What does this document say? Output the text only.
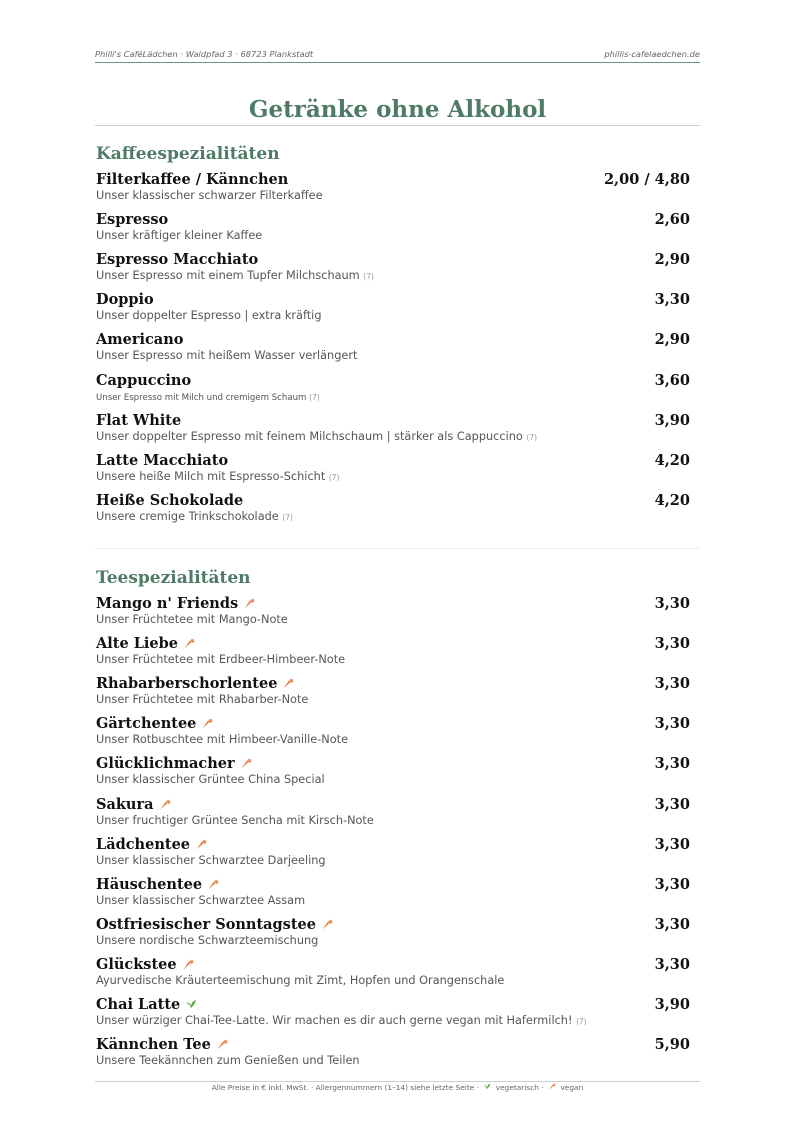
Philli's CaféLädchen · Waldpfad 3 · 68723 Plankstadt	phillis-cafelaedchen.de
Getränke ohne Alkohol
Kaffeespezialitäten
Teespezialitäten
Filterkaffee / Kännchen	2,00 / 4,80
Unser klassischer schwarzer Filterkaffee
Espresso	2,60
Unser kräftiger kleiner Kaffee
Espresso Macchiato	2,90
Unser Espresso mit einem Tupfer Milchschaum (7)
Doppio	3,30
Unser doppelter Espresso | extra kräftig
Americano	2,90
Unser Espresso mit heißem Wasser verlängert
Cappuccino	3,60
Unser Espresso mit Milch und cremigem Schaum (7)
Flat White	3,90
Unser doppelter Espresso mit feinem Milchschaum | stärker als Cappuccino (7)
Latte Macchiato	4,20
Unsere heiße Milch mit Espresso-Schicht (7)
Heiße Schokolade	4,20
Unsere cremige Trinkschokolade (7)
Mango n' Friends	3,30
Unser Früchtetee mit Mango-Note
Alte Liebe	3,30
Unser Früchtetee mit Erdbeer-Himbeer-Note
Rhabarberschorlentee	3,30
Unser Früchtetee mit Rhabarber-Note
Gärtchentee	3,30
Unser Rotbuschtee mit Himbeer-Vanille-Note
Glücklichmacher	3,30
Unser klassischer Grüntee China Special
Sakura	3,30
Unser fruchtiger Grüntee Sencha mit Kirsch-Note
Lädchentee	3,30
Unser klassischer Schwarztee Darjeeling
Häuschentee	3,30
Unser klassischer Schwarztee Assam
Ostfriesischer Sonntagstee	3,30
Unsere nordische Schwarzteemischung
Glückstee	3,30
Ayurvedische Kräuterteemischung mit Zimt, Hopfen und Orangenschale
Chai Latte	3,90
Unser würziger Chai-Tee-Latte. Wir machen es dir auch gerne vegan mit Hafermilch! (7)
Kännchen Tee	5,90
Unsere Teekännchen zum Genießen und Teilen
Alle Preise in € inkl. MwSt. · Allergennummern (1–14) siehe letzte Seite · vegetarisch · vegan
